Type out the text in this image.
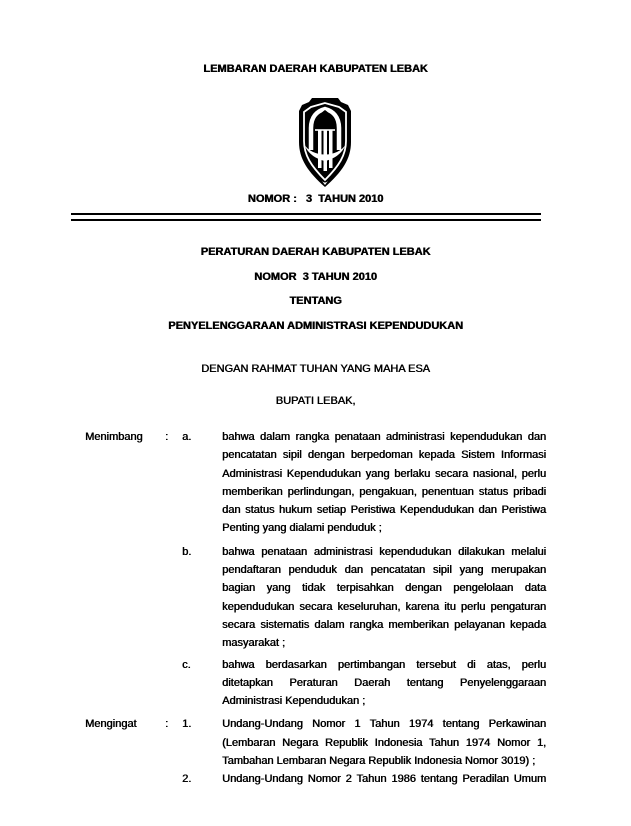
LEMBARAN DAERAH KABUPATEN LEBAK
NOMOR :   3  TAHUN 2010
PERATURAN DAERAH KABUPATEN LEBAK
NOMOR  3 TAHUN 2010
TENTANG
PENYELENGGARAAN ADMINISTRASI KEPENDUDUKAN
DENGAN RAHMAT TUHAN YANG MAHA ESA
BUPATI LEBAK,
Menimbang	:	a.	bahwa dalam rangka penataan administrasi kependudukan dan pencatatan sipil dengan berpedoman kepada Sistem Informasi Administrasi Kependudukan yang berlaku secara nasional, perlu memberikan perlindungan, pengakuan, penentuan status pribadi dan status hukum setiap Peristiwa Kependudukan dan Peristiwa Penting yang dialami penduduk ;
b.	bahwa penataan administrasi kependudukan dilakukan melalui pendaftaran penduduk dan pencatatan sipil yang merupakan bagian yang tidak terpisahkan dengan pengelolaan data kependudukan secara keseluruhan, karena itu perlu pengaturan secara sistematis dalam rangka memberikan pelayanan kepada masyarakat ;
c.	bahwa berdasarkan pertimbangan tersebut di atas, perlu ditetapkan Peraturan Daerah tentang Penyelenggaraan Administrasi Kependudukan ;
Mengingat	:	1.	Undang-Undang Nomor 1 Tahun 1974 tentang Perkawinan (Lembaran Negara Republik Indonesia Tahun 1974 Nomor 1, Tambahan Lembaran Negara Republik Indonesia Nomor 3019) ;
2.	Undang-Undang Nomor 2 Tahun 1986 tentang Peradilan Umum
